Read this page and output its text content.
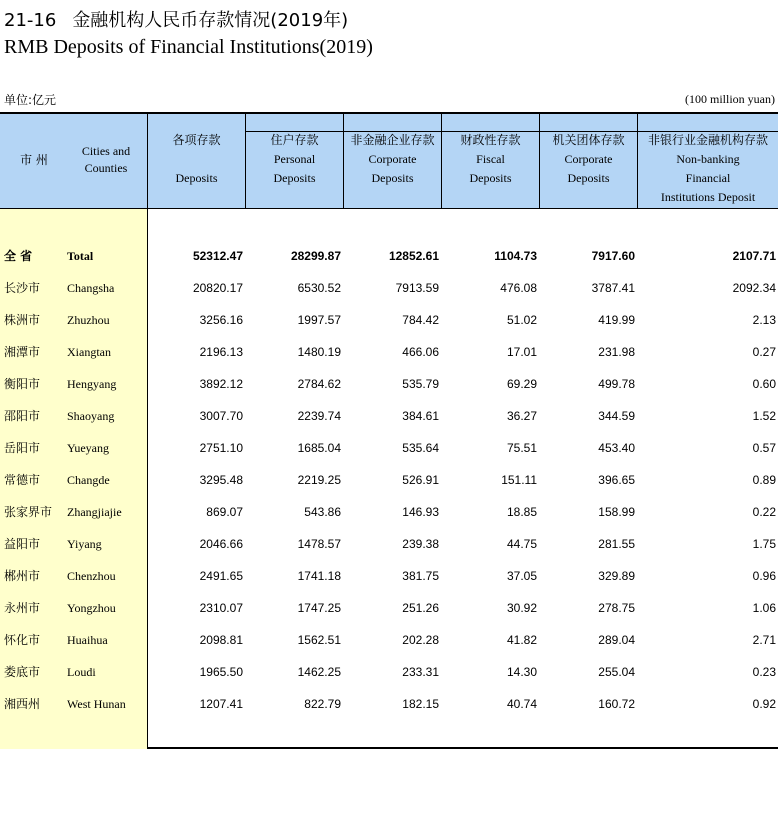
21-16 金融机构人民币存款情况(2019年)
RMB Deposits of Financial Institutions(2019)
单位:亿元	(100 million yuan)
市 州
Cities and
Counties
各项存款
Deposits
住户存款
Personal
Deposits
非金融企业存款
Corporate
Deposits
财政性存款
Fiscal
Deposits
机关团体存款
Corporate
Deposits
非银行业金融机构存款
Non-banking
Financial
Institutions Deposit
全 省	Total	52312.47	28299.87	12852.61	1104.73	7917.60	2107.71
长沙市 Changsha	20820.17	6530.52	7913.59	476.08	3787.41	2092.34
株洲市 Zhuzhou	3256.16	1997.57	784.42	51.02	419.99	2.13
湘潭市 Xiangtan	2196.13	1480.19	466.06	17.01	231.98	0.27
衡阳市 Hengyang	3892.12	2784.62	535.79	69.29	499.78	0.60
邵阳市 Shaoyang	3007.70	2239.74	384.61	36.27	344.59	1.52
岳阳市 Yueyang	2751.10	1685.04	535.64	75.51	453.40	0.57
常德市 Changde	3295.48	2219.25	526.91	151.11	396.65	0.89
张家界市 Zhangjiajie	869.07	543.86	146.93	18.85	158.99	0.22
益阳市 Yiyang	2046.66	1478.57	239.38	44.75	281.55	1.75
郴州市 Chenzhou	2491.65	1741.18	381.75	37.05	329.89	0.96
永州市 Yongzhou	2310.07	1747.25	251.26	30.92	278.75	1.06
怀化市 Huaihua	2098.81	1562.51	202.28	41.82	289.04	2.71
娄底市 Loudi	1965.50	1462.25	233.31	14.30	255.04	0.23
湘西州 West Hunan	1207.41	822.79	182.15	40.74	160.72	0.92
